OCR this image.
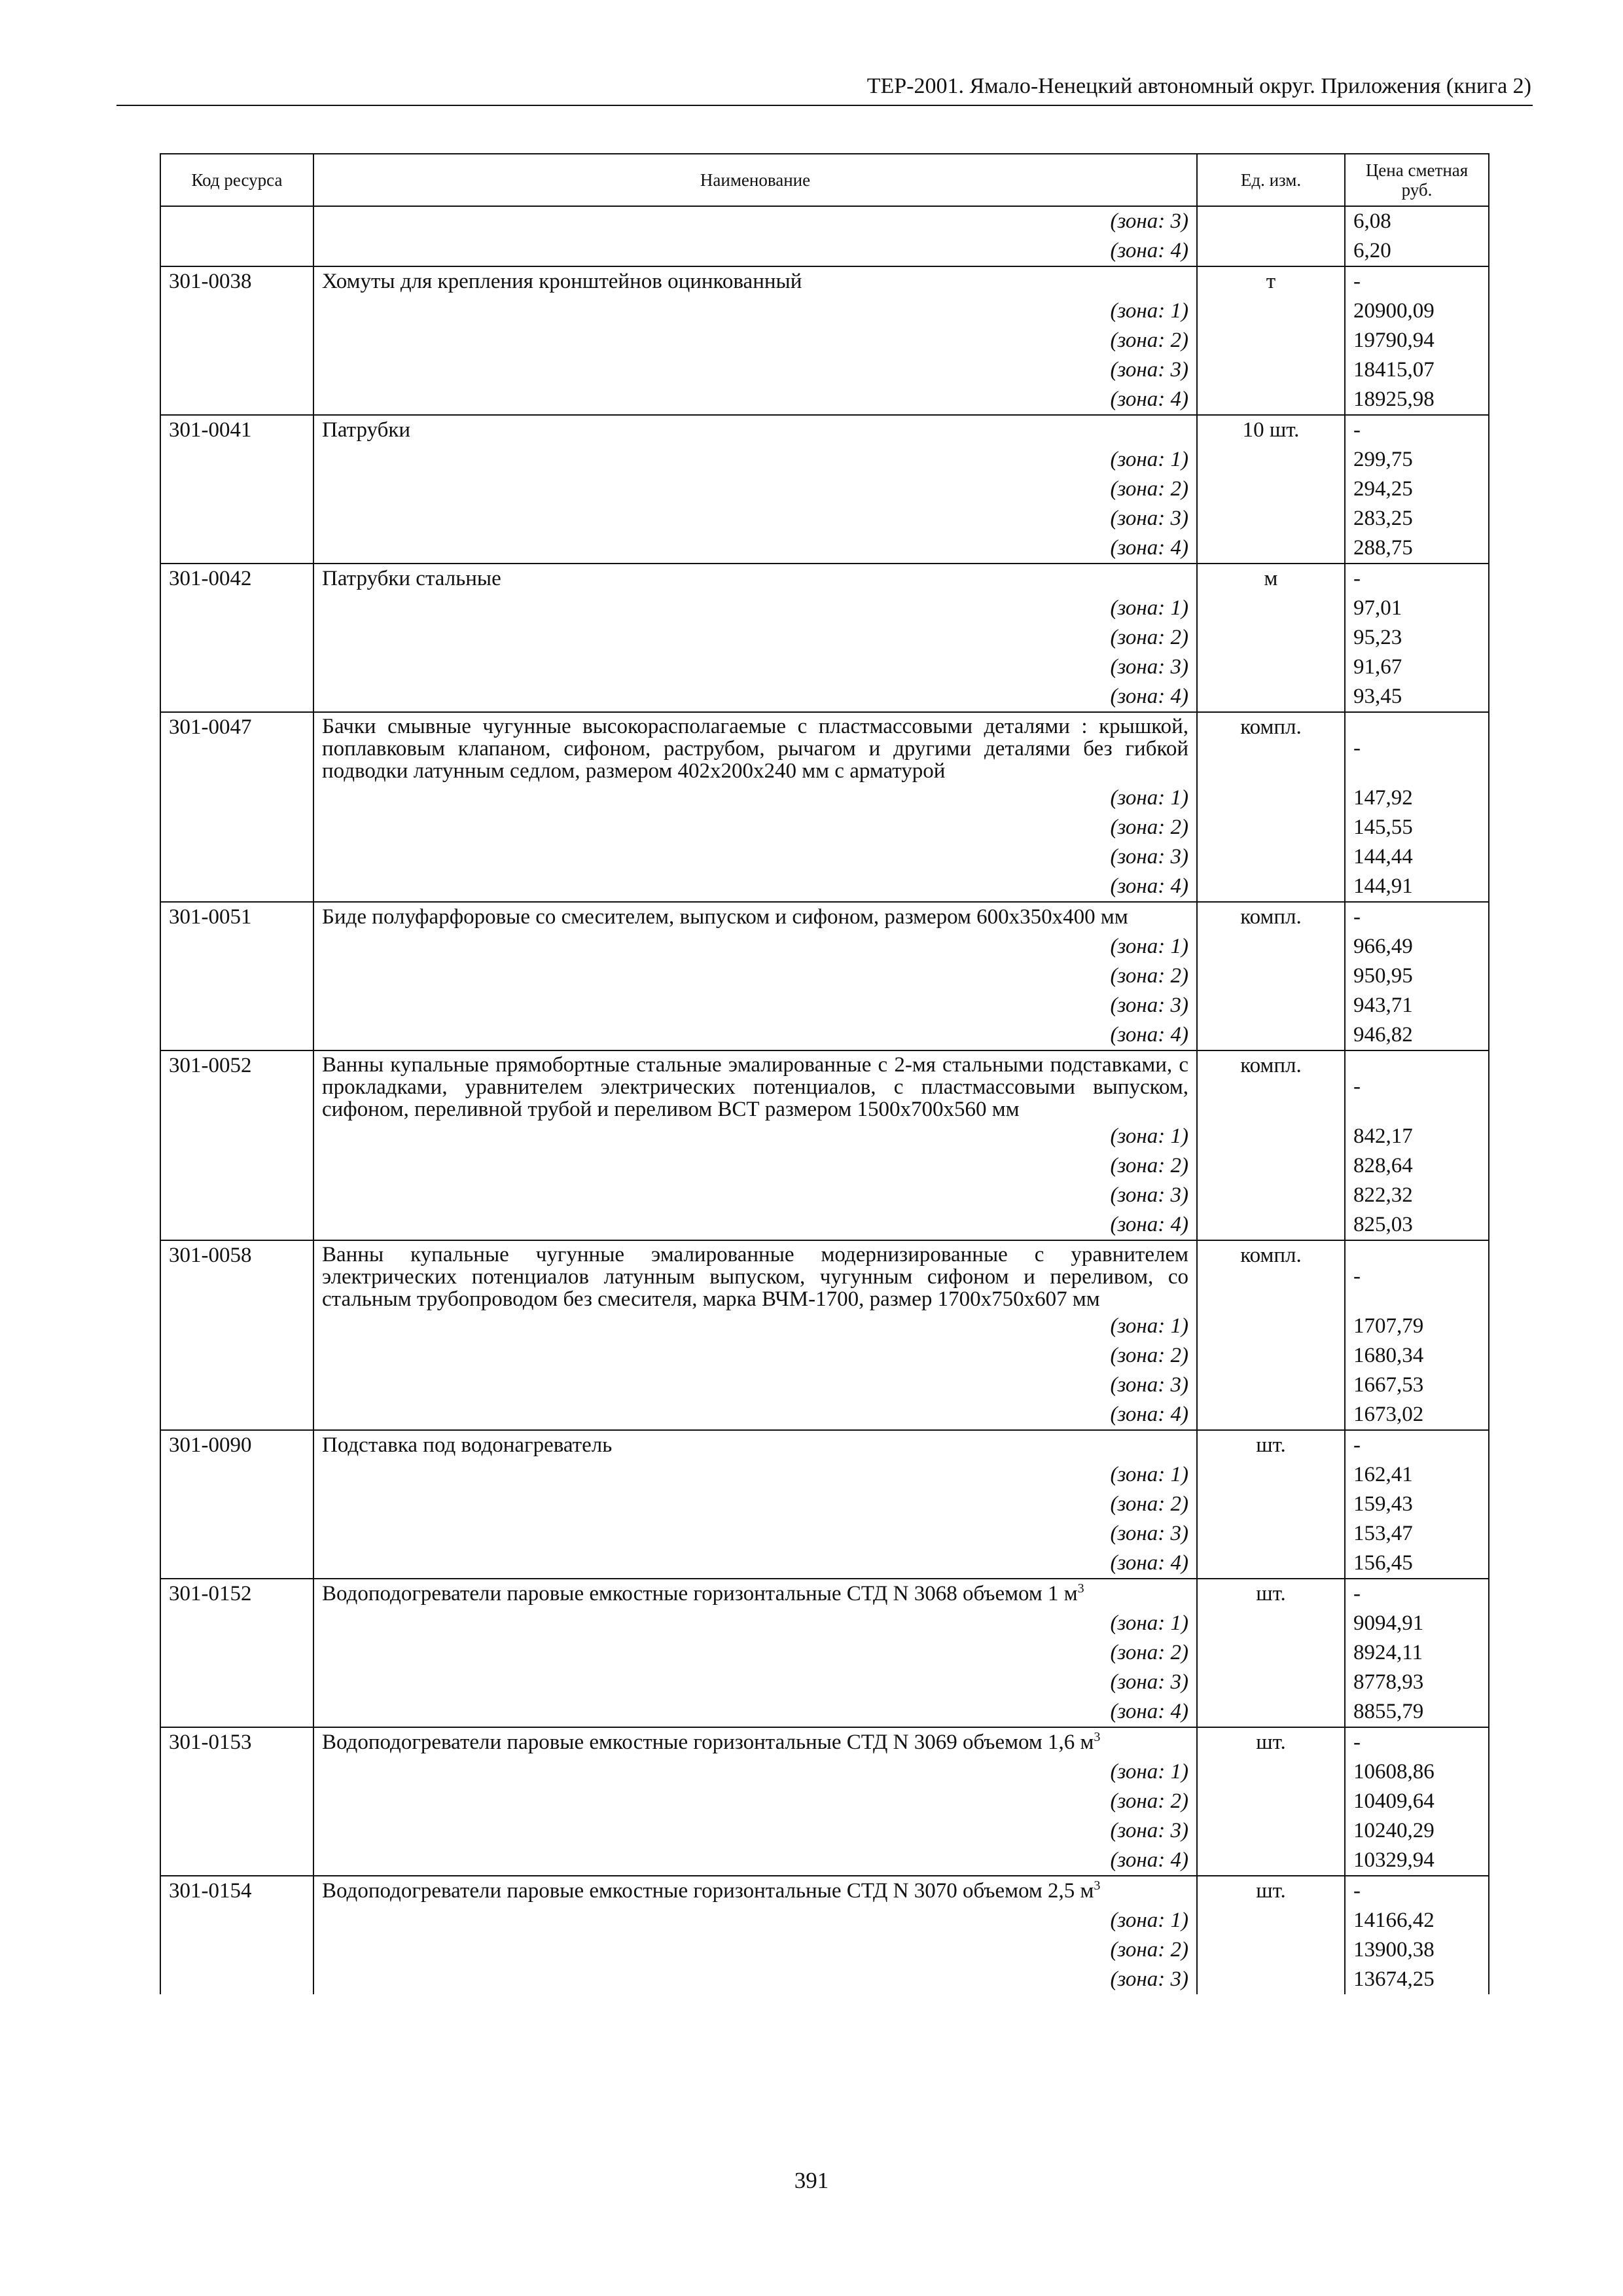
ТЕР-2001. Ямало-Ненецкий автономный округ. Приложения (книга 2)
Код ресурса	Наименование	Ед. изм.	Цена сметная руб.
	(зона: 3)		6,08
	(зона: 4)		6,20
301-0038	Хомуты для крепления кронштейнов оцинкованный	т	-
	(зона: 1)		20900,09
	(зона: 2)		19790,94
	(зона: 3)		18415,07
	(зона: 4)		18925,98
301-0041	Патрубки	10 шт.	-
	(зона: 1)		299,75
	(зона: 2)		294,25
	(зона: 3)		283,25
	(зона: 4)		288,75
301-0042	Патрубки стальные	м	-
	(зона: 1)		97,01
	(зона: 2)		95,23
	(зона: 3)		91,67
	(зона: 4)		93,45
301-0047	Бачки смывные чугунные высокорасполагаемые с пластмассовыми деталями : крышкой, поплавковым клапаном, сифоном, раструбом, рычагом и другими деталями без гибкой подводки латунным седлом, размером 402х200х240 мм с арматурой	компл.	-
	(зона: 1)		147,92
	(зона: 2)		145,55
	(зона: 3)		144,44
	(зона: 4)		144,91
301-0051	Биде полуфарфоровые со смесителем, выпуском и сифоном, размером 600х350х400 мм	компл.	-
	(зона: 1)		966,49
	(зона: 2)		950,95
	(зона: 3)		943,71
	(зона: 4)		946,82
301-0052	Ванны купальные прямобортные стальные эмалированные с 2-мя стальными подставками, с прокладками, уравнителем электрических потенциалов, с пластмассовыми выпуском, сифоном, переливной трубой и переливом ВСТ размером 1500х700х560 мм	компл.	-
	(зона: 1)		842,17
	(зона: 2)		828,64
	(зона: 3)		822,32
	(зона: 4)		825,03
301-0058	Ванны купальные чугунные эмалированные модернизированные с уравнителем электрических потенциалов латунным выпуском, чугунным сифоном и переливом, со стальным трубопроводом без смесителя, марка ВЧМ-1700, размер 1700х750х607 мм	компл.	-
	(зона: 1)		1707,79
	(зона: 2)		1680,34
	(зона: 3)		1667,53
	(зона: 4)		1673,02
301-0090	Подставка под водонагреватель	шт.	-
	(зона: 1)		162,41
	(зона: 2)		159,43
	(зона: 3)		153,47
	(зона: 4)		156,45
301-0152	Водоподогреватели паровые емкостные горизонтальные СТД N 3068 объемом 1 $м^3$	шт.	-
	(зона: 1)		9094,91
	(зона: 2)		8924,11
	(зона: 3)		8778,93
	(зона: 4)		8855,79
301-0153	Водоподогреватели паровые емкостные горизонтальные СТД N 3069 объемом 1,6 $м^3$	шт.	-
	(зона: 1)		10608,86
	(зона: 2)		10409,64
	(зона: 3)		10240,29
	(зона: 4)		10329,94
301-0154	Водоподогреватели паровые емкостные горизонтальные СТД N 3070 объемом 2,5 $м^3$	шт.	-
	(зона: 1)		14166,42
	(зона: 2)		13900,38
	(зона: 3)		13674,25
391
